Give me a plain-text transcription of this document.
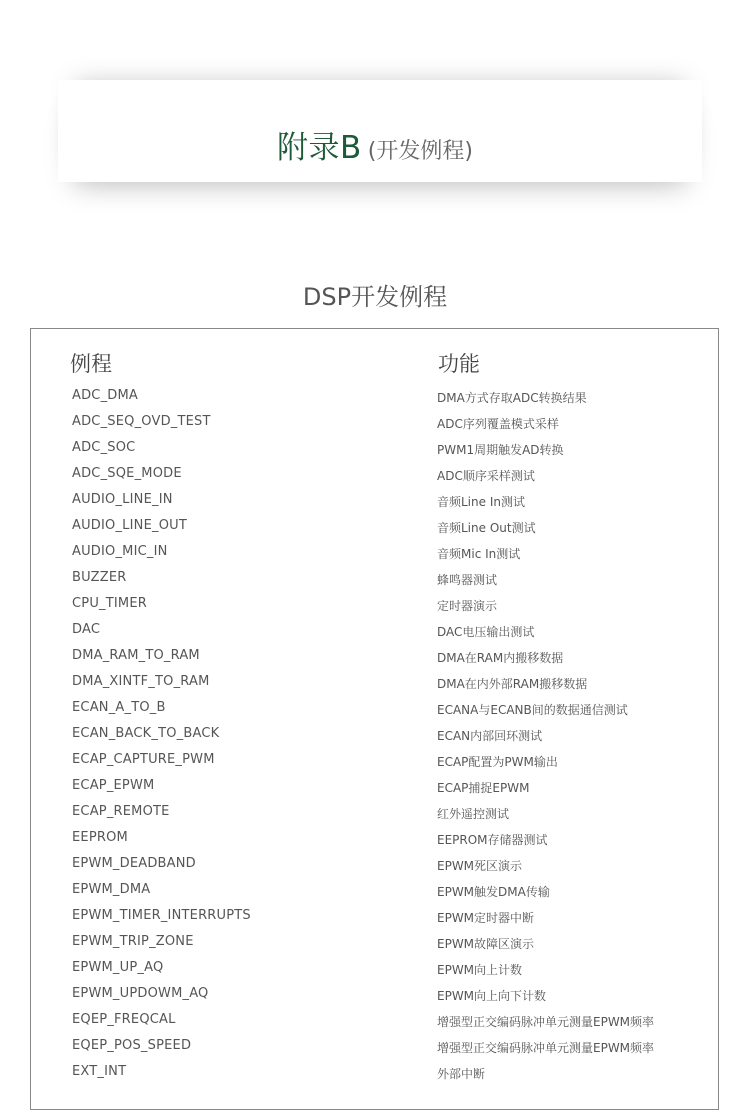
附录B (开发例程)
DSP开发例程
例程	功能
ADC_DMA	DMA方式存取ADC转换结果
ADC_SEQ_OVD_TEST	ADC序列覆盖模式采样
ADC_SOC	PWM1周期触发AD转换
ADC_SQE_MODE	ADC顺序采样测试
AUDIO_LINE_IN	音频Line In测试
AUDIO_LINE_OUT	音频Line Out测试
AUDIO_MIC_IN	音频Mic In测试
BUZZER	蜂鸣器测试
CPU_TIMER	定时器演示
DAC	DAC电压输出测试
DMA_RAM_TO_RAM	DMA在RAM内搬移数据
DMA_XINTF_TO_RAM	DMA在内外部RAM搬移数据
ECAN_A_TO_B	ECANA与ECANB间的数据通信测试
ECAN_BACK_TO_BACK	ECAN内部回环测试
ECAP_CAPTURE_PWM	ECAP配置为PWM输出
ECAP_EPWM	ECAP捕捉EPWM
ECAP_REMOTE	红外遥控测试
EEPROM	EEPROM存储器测试
EPWM_DEADBAND	EPWM死区演示
EPWM_DMA	EPWM触发DMA传输
EPWM_TIMER_INTERRUPTS	EPWM定时器中断
EPWM_TRIP_ZONE	EPWM故障区演示
EPWM_UP_AQ	EPWM向上计数
EPWM_UPDOWM_AQ	EPWM向上向下计数
EQEP_FREQCAL	增强型正交编码脉冲单元测量EPWM频率
EQEP_POS_SPEED	增强型正交编码脉冲单元测量EPWM频率
EXT_INT	外部中断
